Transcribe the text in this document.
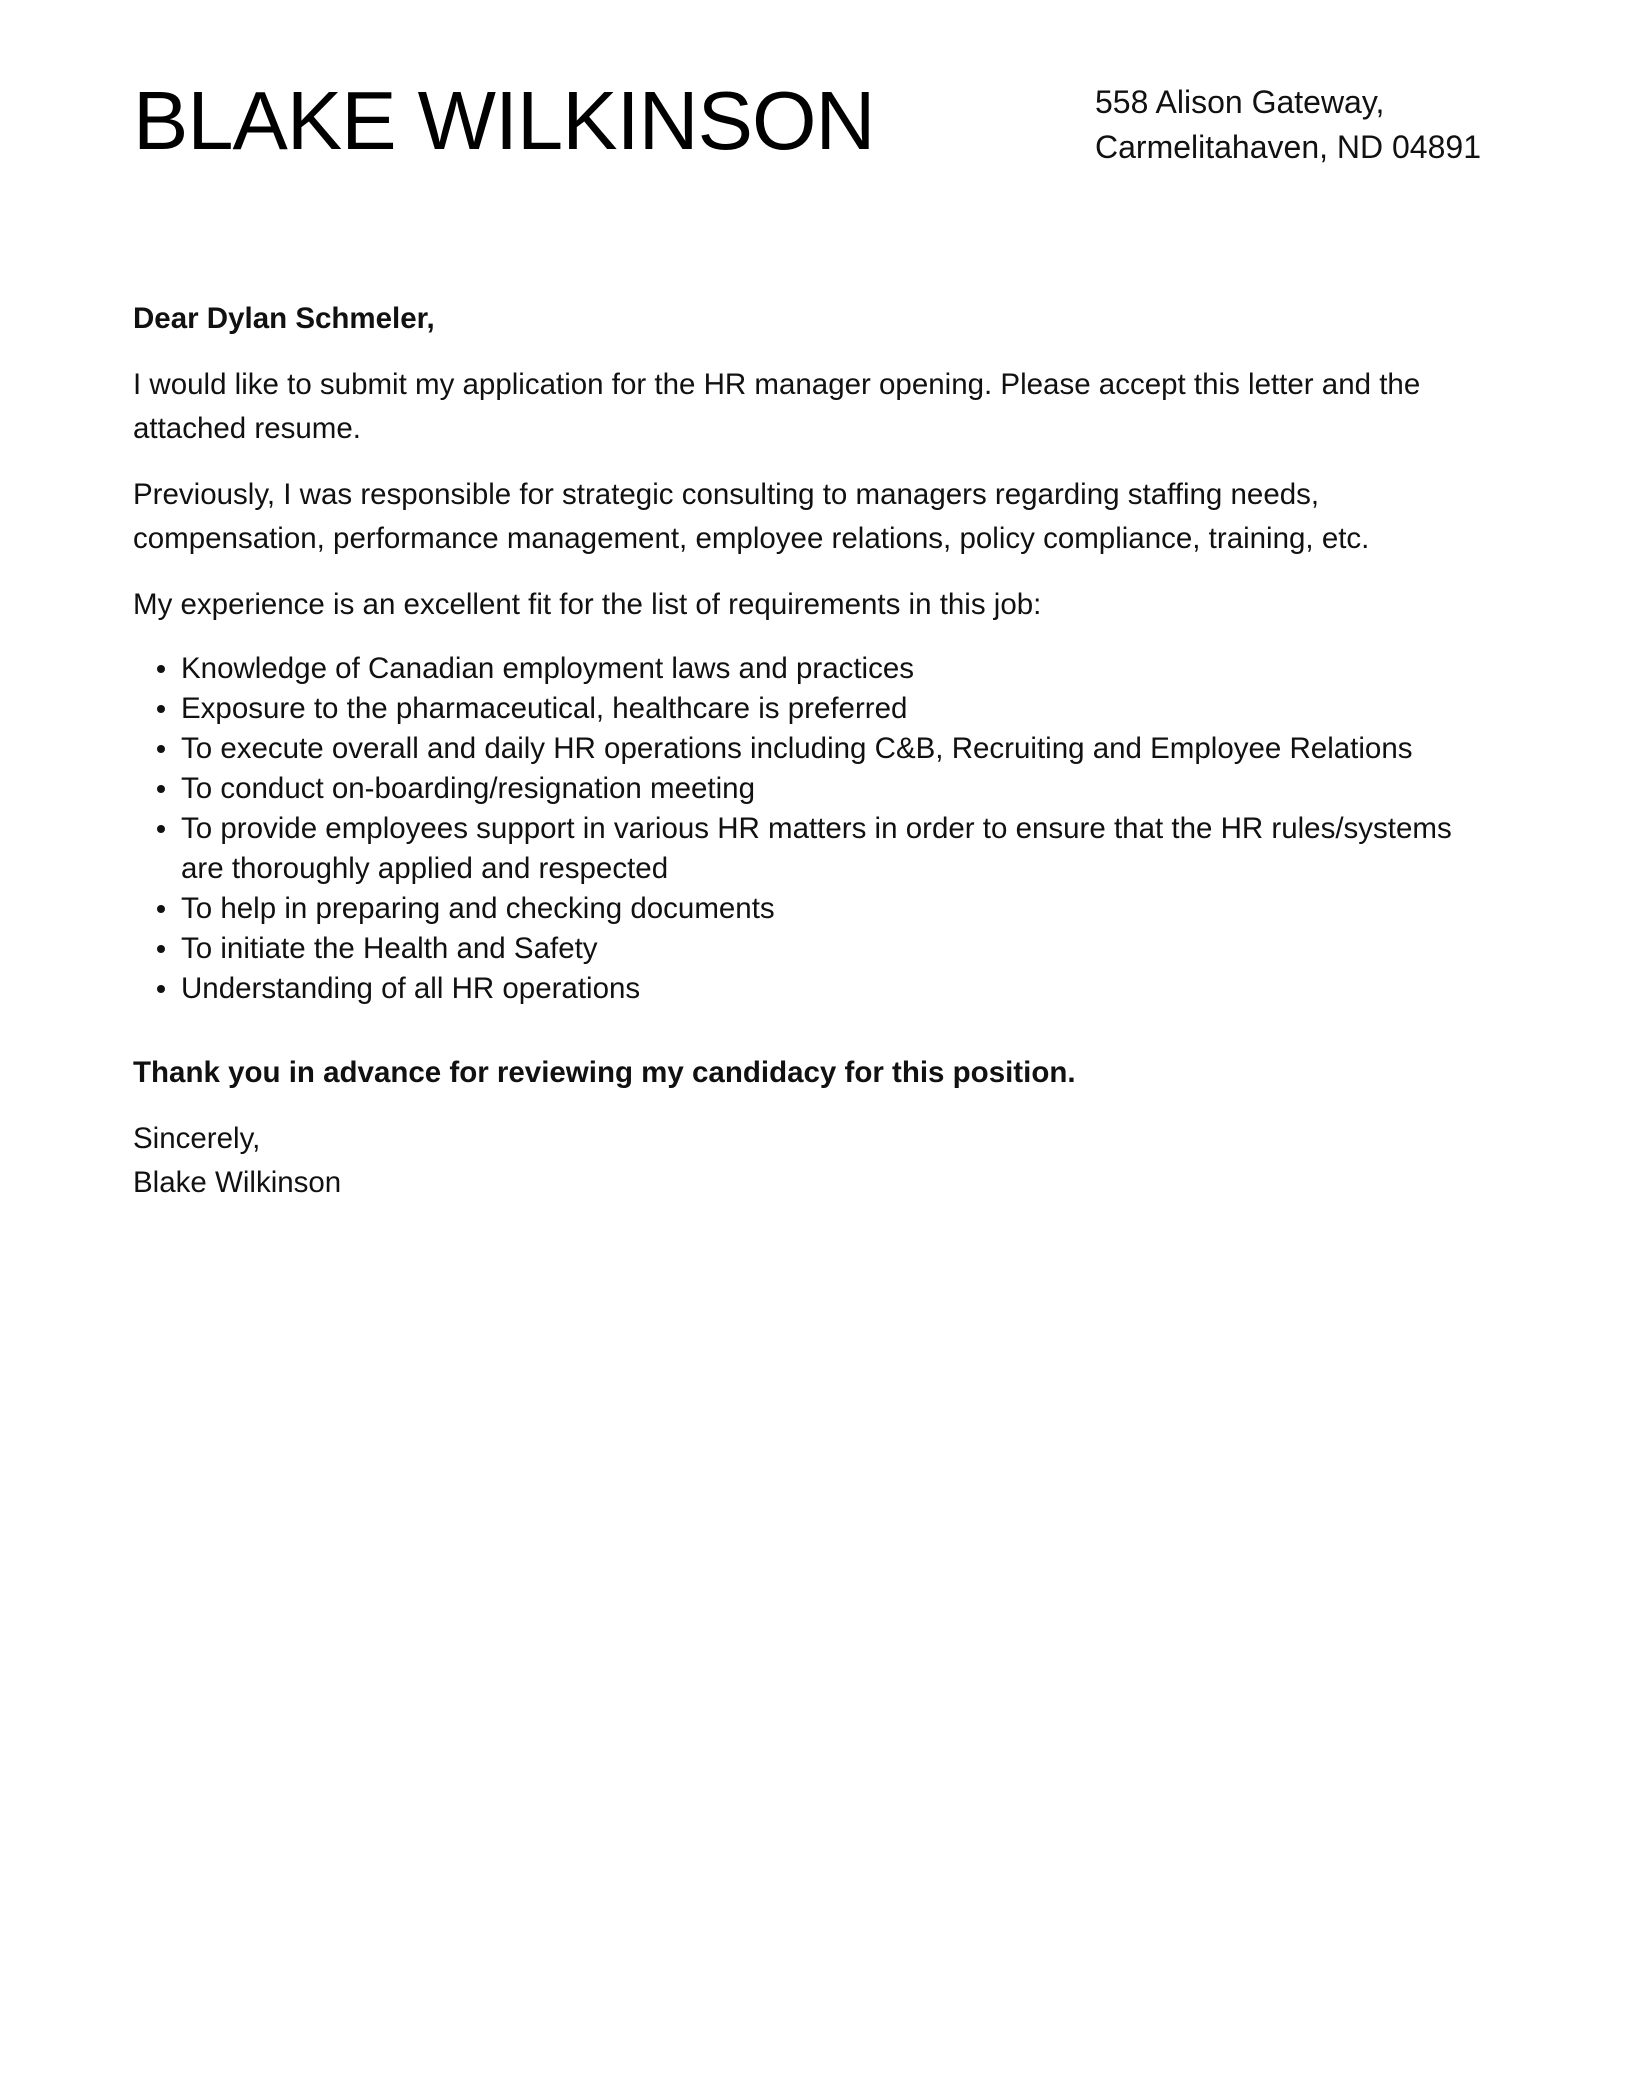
BLAKE WILKINSON	558 Alison Gateway,
Carmelitahaven, ND 04891

Dear Dylan Schmeler,

I would like to submit my application for the HR manager opening. Please accept this letter and the attached resume.

Previously, I was responsible for strategic consulting to managers regarding staffing needs, compensation, performance management, employee relations, policy compliance, training, etc.

My experience is an excellent fit for the list of requirements in this job:

Knowledge of Canadian employment laws and practices
Exposure to the pharmaceutical, healthcare is preferred
To execute overall and daily HR operations including C&B, Recruiting and Employee Relations
To conduct on-boarding/resignation meeting
To provide employees support in various HR matters in order to ensure that the HR rules/systems are thoroughly applied and respected
To help in preparing and checking documents
To initiate the Health and Safety
Understanding of all HR operations

Thank you in advance for reviewing my candidacy for this position.

Sincerely,
Blake Wilkinson
